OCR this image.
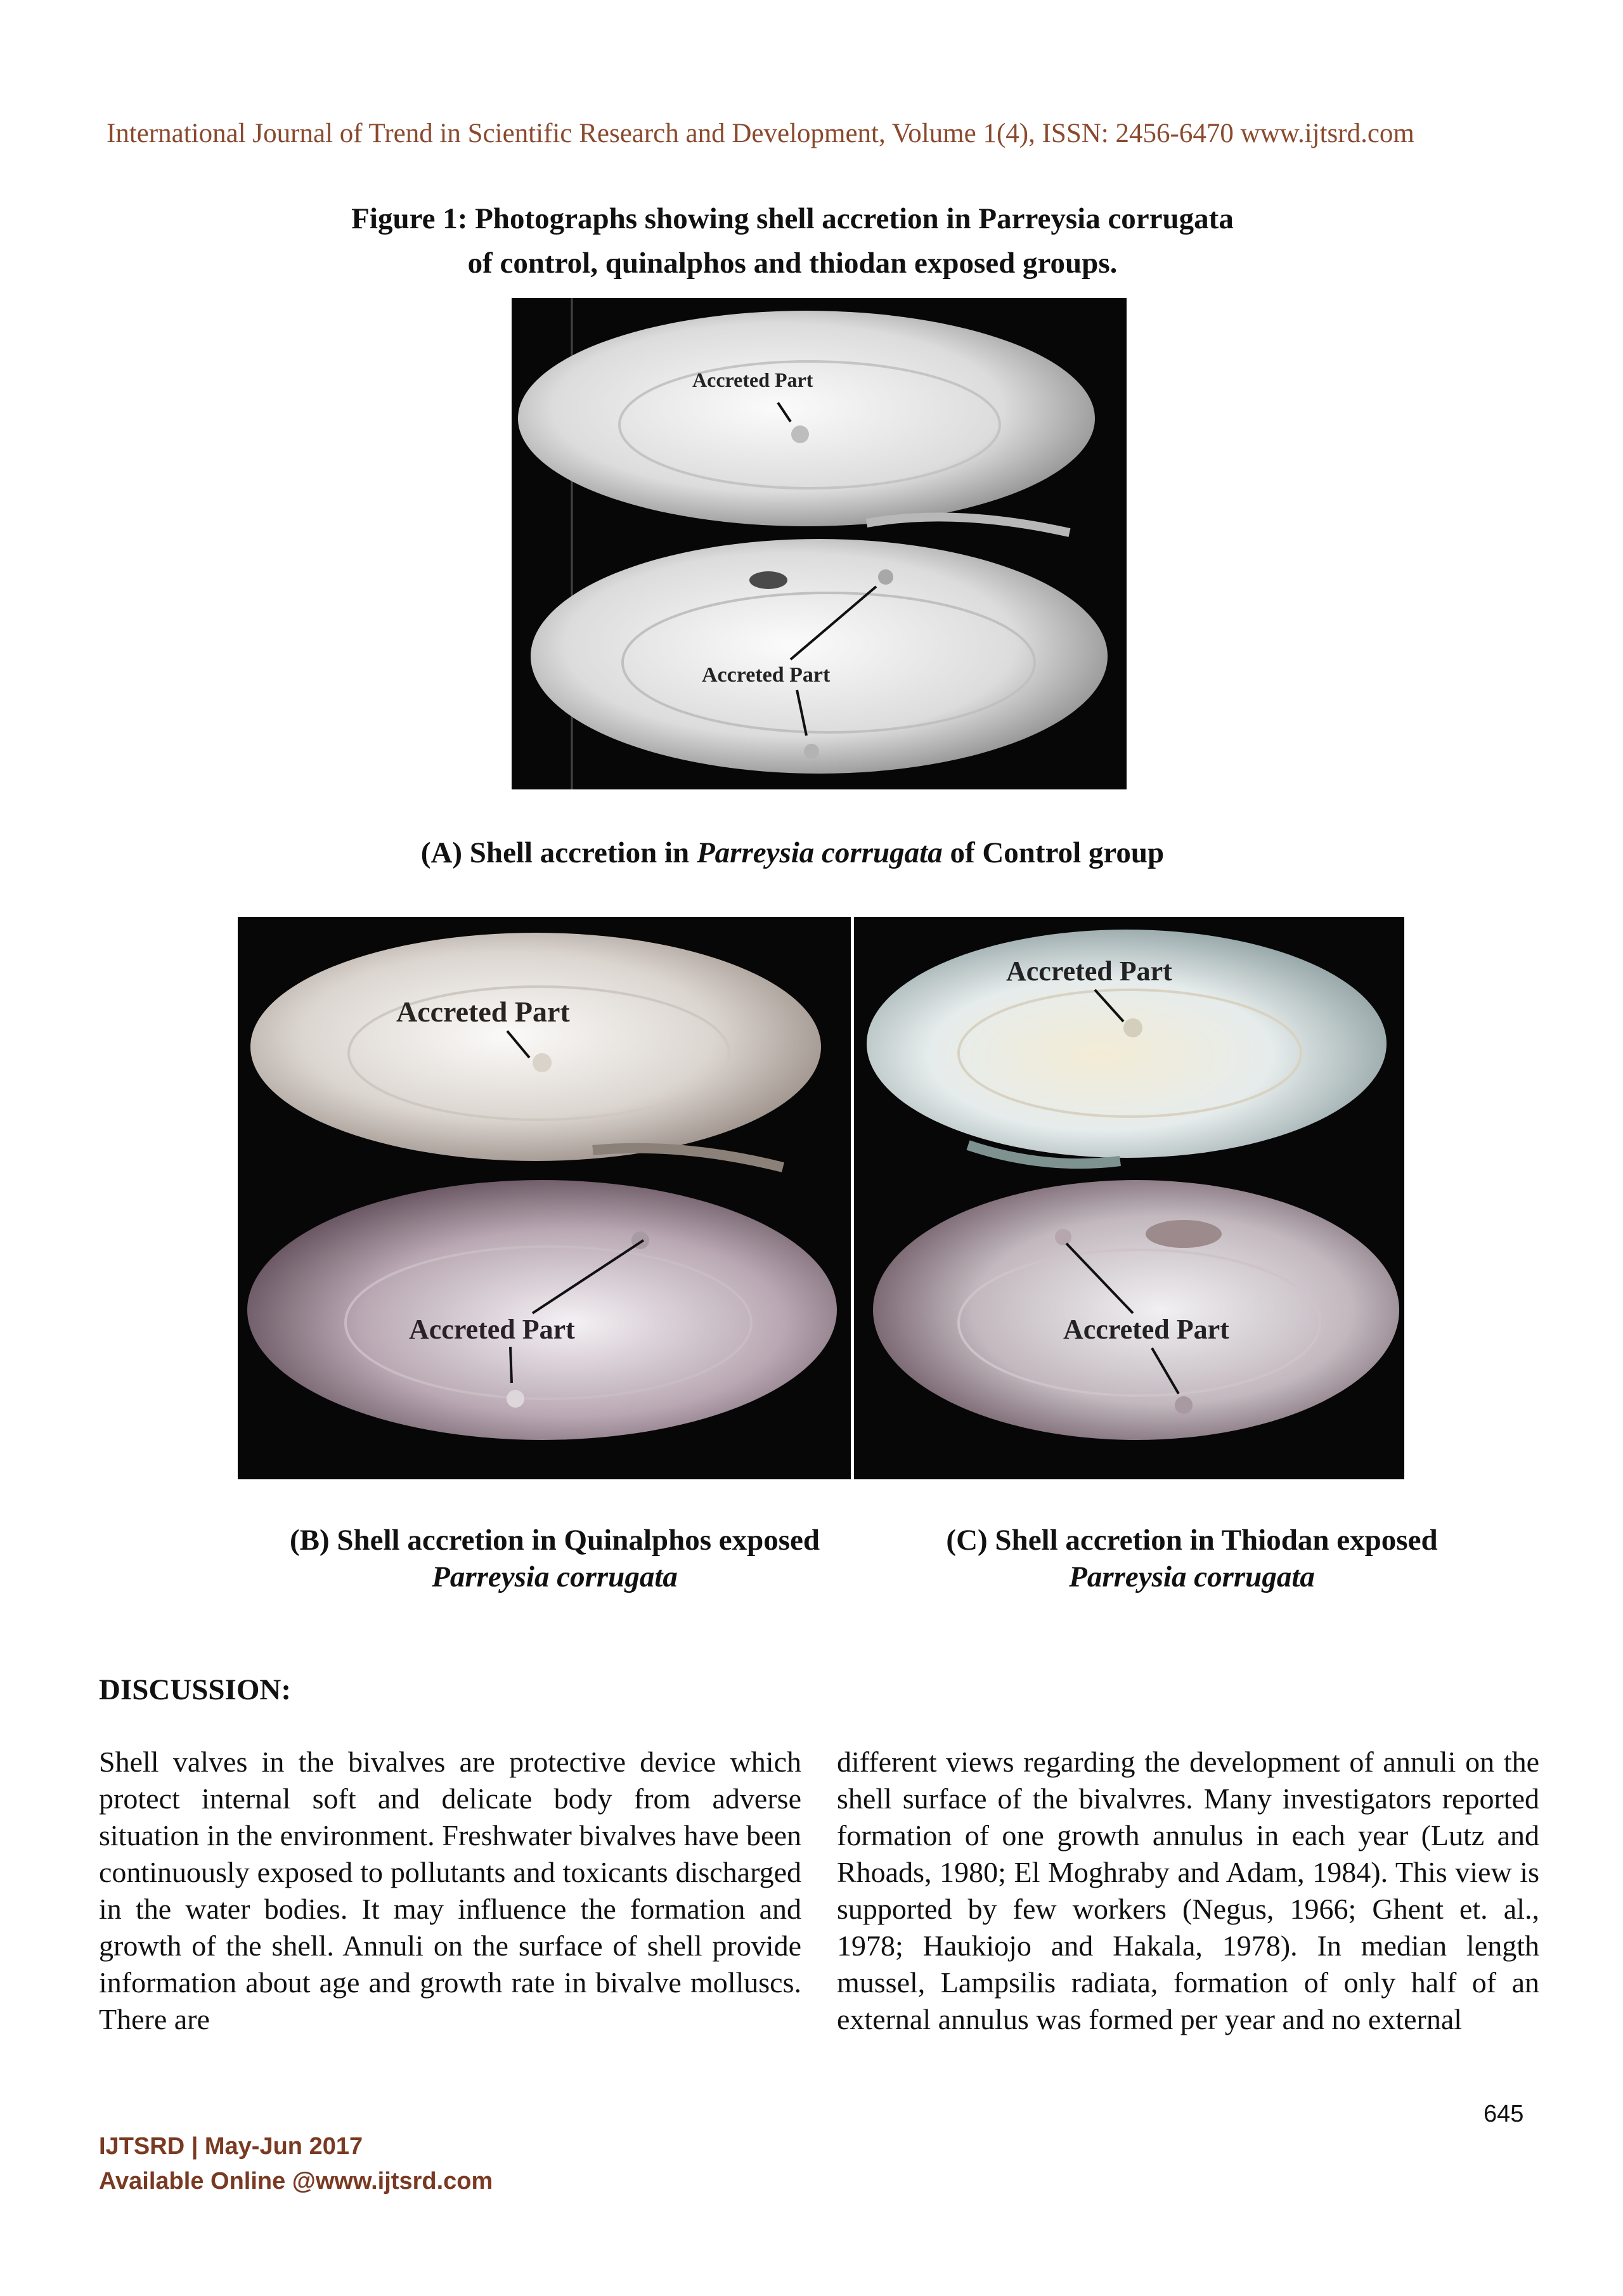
International Journal of Trend in Scientific Research and Development, Volume 1(4), ISSN: 2456-6470 www.ijtsrd.com
Figure 1: Photographs showing shell accretion in Parreysia corrugata
of control, quinalphos and thiodan exposed groups.
Accreted Part
Accreted Part
(A) Shell accretion in Parreysia corrugata of Control group
Accreted Part
Accreted Part
Accreted Part
Accreted Part
(B) Shell accretion in Quinalphos exposed
Parreysia corrugata
(C) Shell accretion in Thiodan exposed
Parreysia corrugata
DISCUSSION:
Shell valves in the bivalves are protective device which protect internal soft and delicate body from adverse situation in the environment. Freshwater bivalves have been continuously exposed to pollutants and toxicants discharged in the water bodies. It may influence the formation and growth of the shell. Annuli on the surface of shell provide information about age and growth rate in bivalve molluscs. There are
different views regarding the development of annuli on the shell surface of the bivalvres. Many investigators reported formation of one growth annulus in each year (Lutz and Rhoads, 1980; El Moghraby and Adam, 1984). This view is supported by few workers (Negus, 1966; Ghent et. al., 1978; Haukiojo and Hakala, 1978). In median length mussel, Lampsilis radiata, formation of only half of an external annulus was formed per year and no external
645
IJTSRD | May-Jun 2017
Available Online @www.ijtsrd.com
